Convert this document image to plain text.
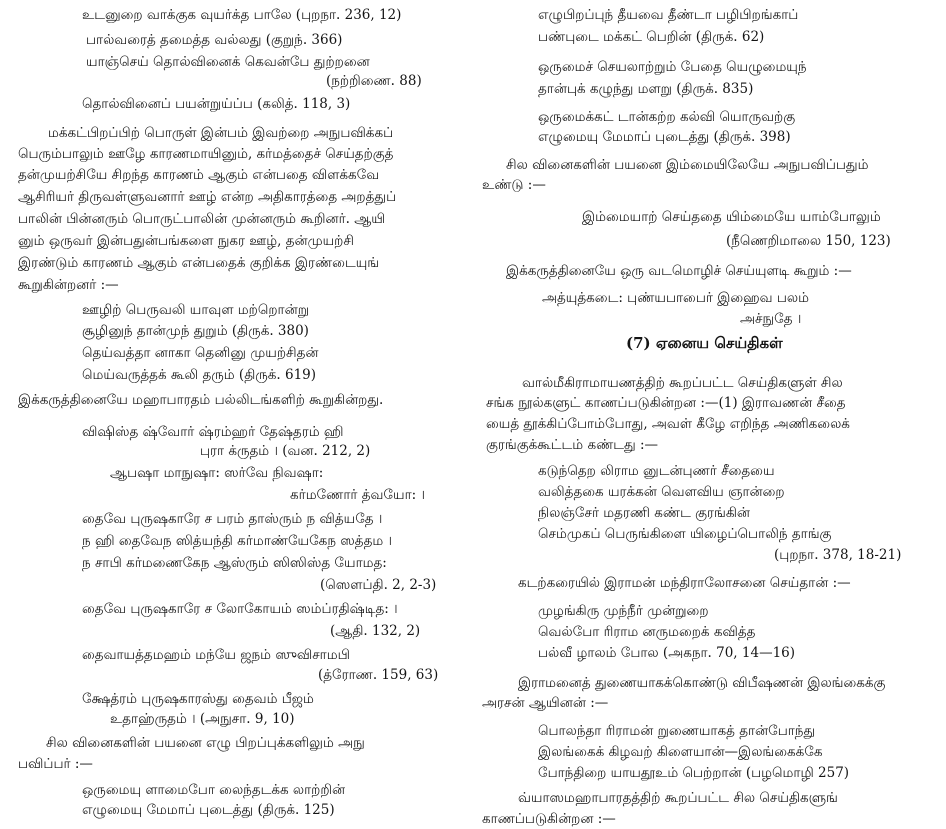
உடனுறை வாக்குக வுயர்க்த பாலே (புறநா. 236, 12)
பால்வரைத் தமைத்த வல்லது (குறுந். 366)
யாஞ்செய் தொல்வினைக் கெவன்பே துற்றனை
(நற்றிணை. 88)
தொல்வினைப் பயன்றுய்ப்ப (கலித். 118, 3)
மக்கட்பிறப்பிற் பொருள் இன்பம் இவற்றை அநுபவிக்கப்
பெரும்பாலும் ஊழே காரணமாயினும், கர்மத்தைச் செய்தற்குத்
தன்முயற்சியே சிறந்த காரணம் ஆகும் என்பதை விளக்கவே
ஆசிரியர் திருவள்ளுவனார் ஊழ் என்ற அதிகாரத்தை அறத்துப்
பாலின் பின்னரும் பொருட்பாலின் முன்னரும் கூறினர். ஆயி
னும் ஒருவர் இன்பதுன்பங்களை நுகர ஊழ், தன்முயற்சி
இரண்டும் காரணம் ஆகும் என்பதைக் குறிக்க இரண்டையுங்
கூறுகின்றனர் :—
ஊழிற் பெருவலி யாவுள மற்றொன்று
சூழினுந் தான்முந் துறும் (திருக். 380)
தெய்வத்தா னாகா தெனினு முயற்சிதன்
மெய்வருத்தக் கூலி தரும் (திருக். 619)
இக்கருத்தினையே மஹாபாரதம் பல்லிடங்களிற் கூறுகின்றது.
விஷிஸ்த ஷ்வோர் ஷ்ரம்ஹர் தேஷ்தரம் ஹி
புரா க்ருதம் । (வன. 212, 2)
ஆபஷா மாநுஷா: ஸர்வே நிவஷா:
கர்மணோர் த்வயோ: ।
தைவே புருஷகாரே ச பரம் தாஸ்ரும் ந வித்யதே ।
ந ஹி தைவேந ஸித்யந்தி கர்மாண்யேகேந ஸத்தம ।
ந சாபி கர்மணைகேந ஆஸ்ரும் ஸிஸிஸ்த யோமத:
(ஸௌப்தி. 2, 2-3)
தைவே புருஷகாரே ச லோகோயம் ஸம்ப்ரதிஷ்டித: ।
(ஆதி. 132, 2)
தைவாயத்தமஹம் மந்யே ஜநம் ஸுவிசாமபி
(த்ரோண. 159, 63)
க்ஷேத்ரம் புருஷகாரஸ்து தைவம் பீஜம்
உதாஹ்ருதம் । (அநுசா. 9, 10)
சில வினைகளின் பயனை எழு பிறப்புக்களிலும் அநு
பவிப்பர் :—
ஒருமையு ளாமைபோ லைந்தடக்க லாற்றின்
எழுமையு மேமாப் புடைத்து (திருக். 125)
எழுபிறப்புந் தீயவை தீண்டா பழிபிறங்காப்
பண்புடை மக்கட் பெறின் (திருக். 62)
ஒருமைச் செயலாற்றும் பேதை யெழுமையுந்
தான்புக் கழுந்து மளறு (திருக். 835)
ஒருமைக்கட் டான்கற்ற கல்வி யொருவற்கு
எழுமையு மேமாப் புடைத்து (திருக். 398)
சில வினைகளின் பயனை இம்மையிலேயே அநுபவிப்பதும்
உண்டு :—
இம்மையாற் செய்ததை யிம்மையே யாம்போலும்
(நீணெறிமாலை 150, 123)
இக்கருத்தினையே ஒரு வடமொழிச் செய்யுளடி கூறும் :—
அத்யுத்கடை: புண்யபாபைர் இஹைவ பலம்
அச்நுதே ।
(7) ஏனைய செய்திகள்
வால்மீகிராமாயணத்திற் கூறப்பட்ட செய்திகளுள் சில
சங்க நூல்களுட் காணப்படுகின்றன :—(1) இராவணன் சீதை
யைத் தூக்கிப்போம்போது, அவள் கீழே எறிந்த அணிகலைக்
குரங்குக்கூட்டம் கண்டது :—
கடுந்தெற லிராம னுடன்புணர் சீதையை
வலித்தகை யரக்கன் வௌவிய ஞான்றை
நிலஞ்சேர் மதரணி கண்ட குரங்கின்
செம்முகப் பெருங்கிளை யிழைப்பொலிந் தாங்கு
(புறநா. 378, 18-21)
கடற்கரையில் இராமன் மந்திராலோசனை செய்தான் :—
முழங்கிரு முந்நீர் முன்றுறை
வெல்போ ரிராம னருமறைக் கவித்த
பல்வீ ழாலம் போல (அகநா. 70, 14—16)
இராமனைத் துணையாகக்கொண்டு விபீஷணன் இலங்கைக்கு
அரசன் ஆயினன் :—
பொலந்தா ரிராமன் றுணையாகத் தான்போந்து
இலங்கைக் கிழவற் கிளையான்—இலங்கைக்கே
போந்திறை யாயதூஉம் பெற்றான் (பழமொழி 257)
வ்யாஸமஹாபாரதத்திற் கூறப்பட்ட சில செய்திகளுங்
காணப்படுகின்றன :—
